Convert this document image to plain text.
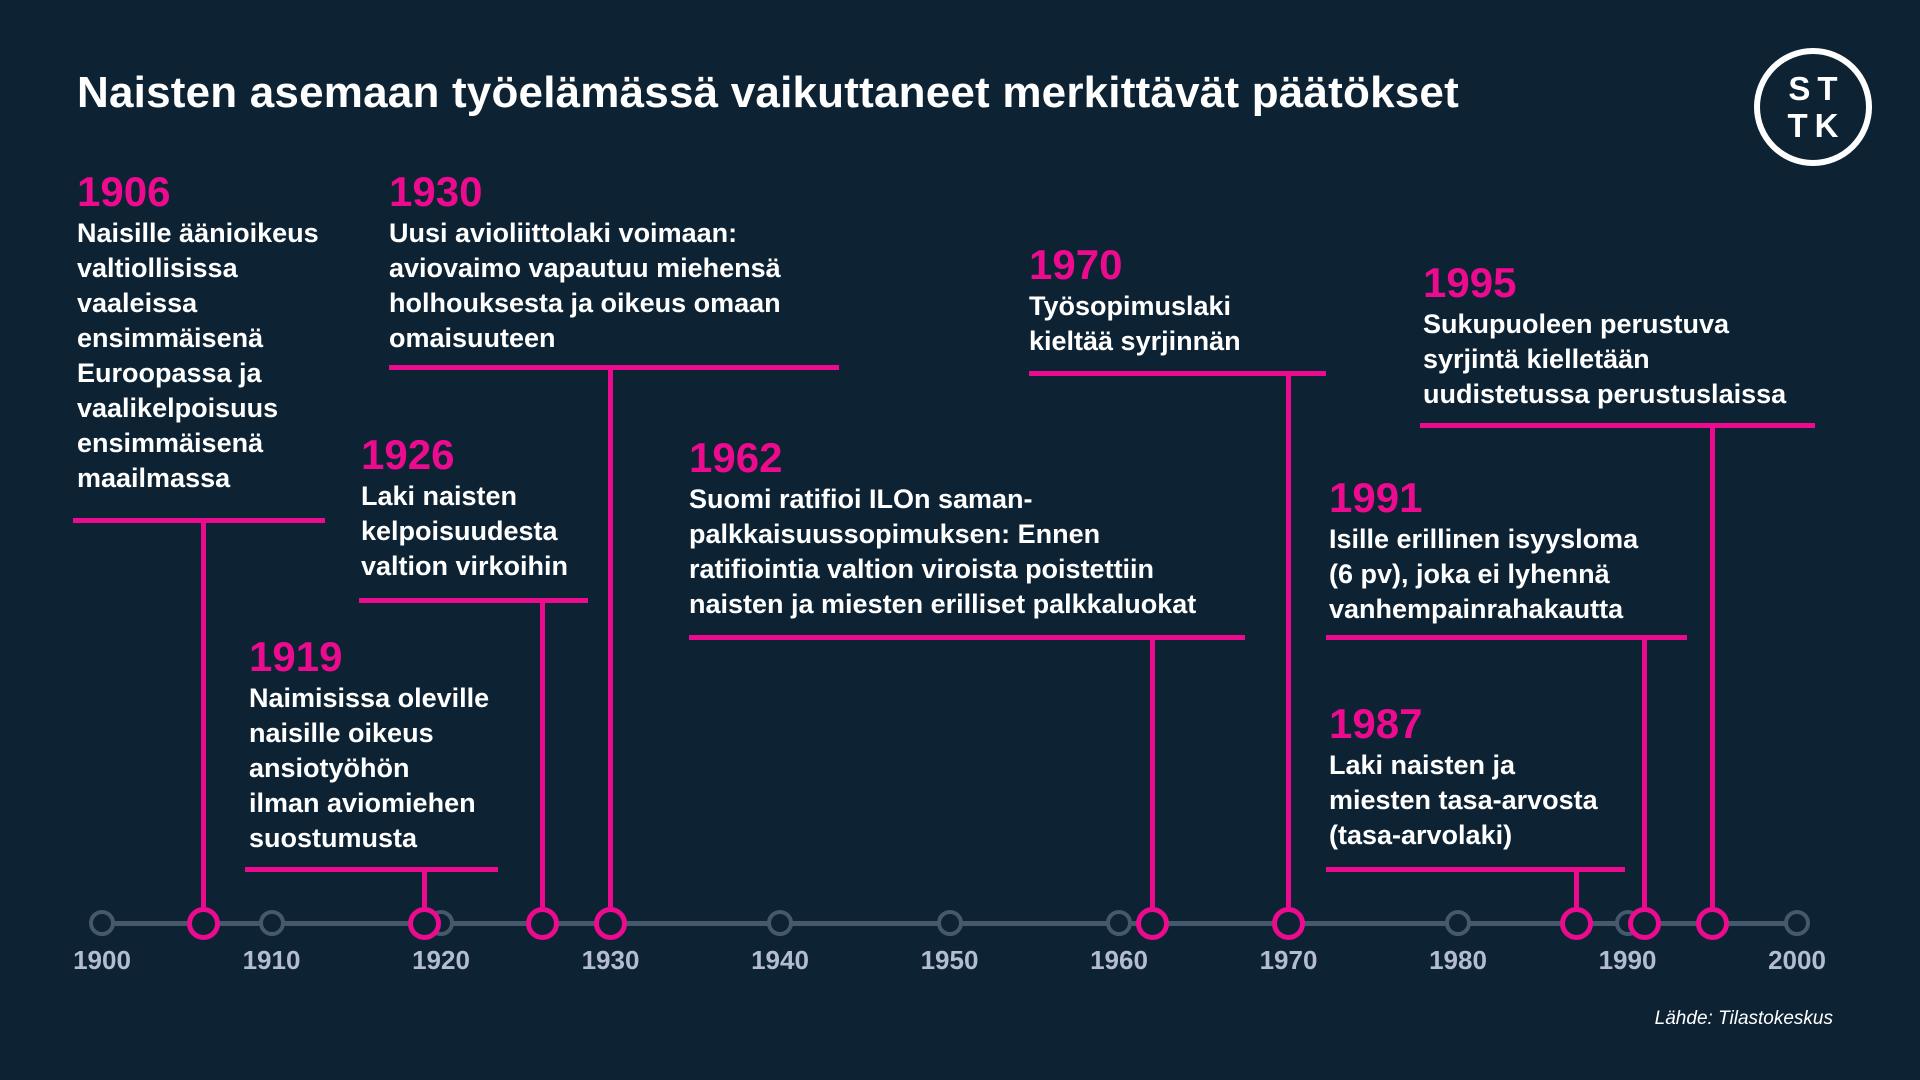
Naisten asemaan työelämässä vaikuttaneet merkittävät päätökset	ST
TK
1906
Naisille äänioikeus
valtiollisissa
vaaleissa
ensimmäisenä
Euroopassa ja
vaalikelpoisuus
ensimmäisenä
maailmassa
1919
Naimisissa oleville
naisille oikeus
ansiotyöhön
ilman aviomiehen
suostumusta
1926
Laki naisten
kelpoisuudesta
valtion virkoihin
1930
Uusi avioliittolaki voimaan:
aviovaimo vapautuu miehensä
holhouksesta ja oikeus omaan
omaisuuteen
1962
Suomi ratifioi ILOn saman-
palkkaisuussopimuksen: Ennen
ratifiointia valtion viroista poistettiin
naisten ja miesten erilliset palkkaluokat
1970
Työsopimuslaki
kieltää syrjinnän
1987
Laki naisten ja
miesten tasa-arvosta
(tasa-arvolaki)
1991
Isille erillinen isyysloma
(6 pv), joka ei lyhennä
vanhempainrahakautta
1995
Sukupuoleen perustuva
syrjintä kielletään
uudistetussa perustuslaissa
1900	1910	1920	1930	1940	1950	1960	1970	1980	1990	2000
Lähde: Tilastokeskus
